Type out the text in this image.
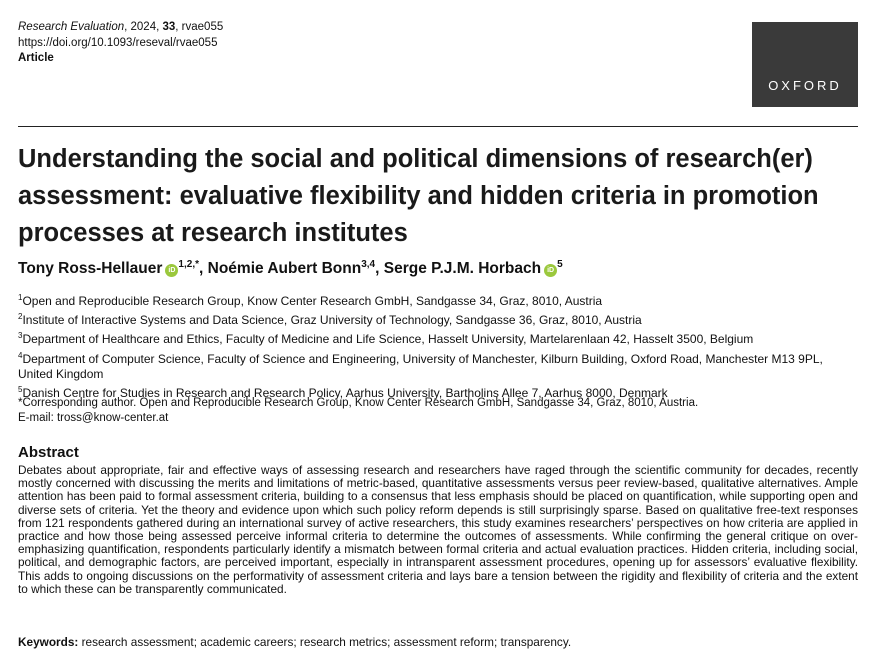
Research Evaluation, 2024, 33, rvae055
https://doi.org/10.1093/reseval/rvae055
Article
OXFORD
Understanding the social and political dimensions of research(er) assessment: evaluative flexibility and hidden criteria in promotion processes at research institutes
Tony Ross-Hellauer $iD^{1,2,*}$, Noémie Aubert Bonn$^{3,4}$, Serge P.J.M. Horbach $iD^5$
$^1$Open and Reproducible Research Group, Know Center Research GmbH, Sandgasse 34, Graz, 8010, Austria
$^2$Institute of Interactive Systems and Data Science, Graz University of Technology, Sandgasse 36, Graz, 8010, Austria
$^3$Department of Healthcare and Ethics, Faculty of Medicine and Life Science, Hasselt University, Martelarenlaan 42, Hasselt 3500, Belgium
$^4$Department of Computer Science, Faculty of Science and Engineering, University of Manchester, Kilburn Building, Oxford Road, Manchester M13 9PL, United Kingdom
$^5$Danish Centre for Studies in Research and Research Policy, Aarhus University, Bartholins Allee 7, Aarhus 8000, Denmark
*Corresponding author. Open and Reproducible Research Group, Know Center Research GmbH, Sandgasse 34, Graz, 8010, Austria.
E-mail: tross@know-center.at
Abstract

Debates about appropriate, fair and effective ways of assessing research and researchers have raged through the scientific community for decades, recently mostly concerned with discussing the merits and limitations of metric-based, quantitative assessments versus peer review-based, qualitative alternatives. Ample attention has been paid to formal assessment criteria, building to a consensus that less emphasis should be placed on quantification, while supporting open and diverse sets of criteria. Yet the theory and evidence upon which such policy reform depends is still surprisingly sparse. Based on qualitative free-text responses from 121 respondents gathered during an international survey of active researchers, this study examines researchers’ perspectives on how criteria are applied in practice and how those being assessed perceive informal criteria to determine the outcomes of assessments. While confirming the general critique on over-emphasizing quantification, respondents particularly identify a mismatch between formal criteria and actual evaluation practices. Hidden criteria, including social, political, and demographic factors, are perceived important, especially in intransparent assessment procedures, opening up for assessors’ evaluative flexibility. This adds to ongoing discussions on the performativity of assessment criteria and lays bare a tension between the rigidity and flexibility of criteria and the extent to which these can be transparently communicated.

Keywords: research assessment; academic careers; research metrics; assessment reform; transparency.
